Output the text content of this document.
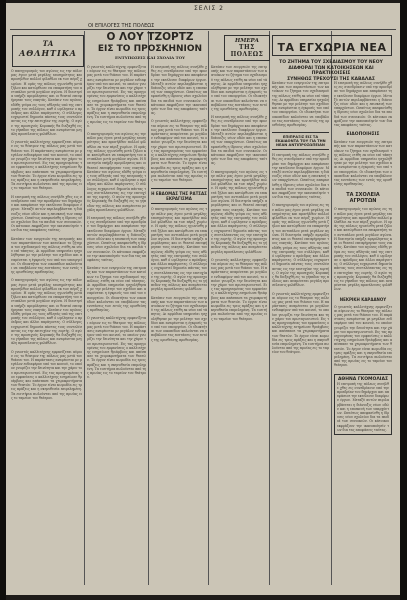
ΣΕΛΙΣ 2
ΟΙ ΕΠΙΛΟΓΕΣ ΤΗΣ ΠΟΛΕΩΣ
ΤΑ
ΑΘΛΗΤΙΚΑ
Ο ΛΟΥ ΤΖΟΡΤΖ
ΕΙΣ ΤΟ ΠΡΟΣΚΗΝΙΟΝ
ΕΝΤΥΠΩΣΕΙΣ ΚΑΙ ΣΧΟΛΙΑ ΤΟΥ
ΗΜΕΡΑ
ΤΗΣ ΠΟΛΕΩΣ
ΤΑ ΕΓΧΩΡΙΑ ΝΕΑ
ΤΟ ΖΗΤΗΜΑ ΤΟΥ ΣΧΕΔΙΑΣΜΟΥ ΤΟΥ ΝΕΟΥ
ΔΙΑΦΟΡΑΙ ΤΩΝ ΚΑΤΟΙΚΗΣΕΩΝ ΚΑΙ ΠΡΑΚΤΙΚΟΙΣΕΙΣ
ΣΥΝΗΘΩΣ ΤΡΕΧΟΥΣΙ ΤΗΣ ΚΑΒΑΛΑΣ
Ο πανηγυρισμός του αγώνος εις την πόλιν μας έγινε μετά μεγάλης επισημότητος και προσήλθον πολλοί φίλαθλοι εκ των πέριξ χωρίων. Η ομάς της πόλεως ηγωνίσθη μετά ζήλου και κατώρθωσε να επικρατήση του αντιπάλου μετά μεγάλον αγώνα. Η διαιτησία υπήρξε αμερόληπτος και οι θεαταί επευφήμησαν τους νικητάς. Κατόπιν του αγώνος εδόθη γεύμα εις τους αθλητάς υπό της επιτροπής του συλλόγου, καθ ό ωμίλησαν ο πρόεδρος και άλλοι παράγοντες. Ο σύλλογος ευχαριστεί δημοσία πάντας τους συντελέσαντας εις την επιτυχίαν της εορτής. Ο αγών της προσεχούς Κυριακής θα διεξαχθή εις το γήπεδον της πόλεως και αναμένεται μεγάλη προσέλευσις φιλάθλων.
Ο γνωστός καλλιτέχνης εμφανίζεται αύριον εις το θέατρον της πόλεως μας μετά του θιάσου του. Η παράστασις αναμένεται με μεγάλον ενδιαφέρον υπό του κοινού, το οποίον γνωρίζει την δεινότητα και την χάριν του πρωταγωνιστού. Εις τας προηγουμένας του εμφανίσεις ο καλλιτέχνης εσημείωσε θριάμβους και απέσπασε τα χειροκροτήματα των θεατών. Το έργον είναι κωμωδία εις τρεις πράξεις και η σκηνοθεσία επιμελημένη. Τα εισιτήρια πωλούνται από της πρωίας εις το ταμείον του θεάτρου.
Η επιτροπή της πόλεως συνήλθε χθες εις συνεδρίασιν υπό την προεδρίαν του δημάρχου και απεφάσισε την εκτέλεσιν διαφόρων έργων. Μεταξύ αυτών περιλαμβάνεται η διάνοιξις νέων οδών και η επισκευή των υπαρχόντων. Ωσαύτως απεφασίσθη η ίδρυσις νέου σχολείου δια τα παιδιά των συνοικιών. Οι κάτοικοι εκφράζουν την ικανοποίησίν των δια τας αποφάσεις ταύτας.
Κατόπιν των ενεργειών της επιτροπής και των παραστάσεων των κατοίκων το ζήτημα του σχεδιασμού της πόλεως ετέθη εκ νέου επί τάπητος. Αι αρμόδιαι υπηρεσίαι ησχολήθησαν με την μελέτην του σχεδίου και αναμένεται η έγκρισίς του υπό του υπουργείου. Οι ιδιοκτήται των οικοπέδων καλούνται να υποβάλουν τας ενστάσεις των εντός της ορισθείσης προθεσμίας.
Ο πανηγυρισμός του αγώνος εις την πόλιν μας έγινε μετά μεγάλης επισημότητος και προσήλθον πολλοί φίλαθλοι εκ των πέριξ χωρίων. Η ομάς της πόλεως ηγωνίσθη μετά ζήλου και κατώρθωσε να επικρατήση του αντιπάλου μετά μεγάλον αγώνα. Η διαιτησία υπήρξε αμερόληπτος και οι θεαταί επευφήμησαν τους νικητάς. Κατόπιν του αγώνος εδόθη γεύμα εις τους αθλητάς υπό της επιτροπής του συλλόγου, καθ ό ωμίλησαν ο πρόεδρος και άλλοι παράγοντες. Ο σύλλογος ευχαριστεί δημοσία πάντας τους συντελέσαντας εις την επιτυχίαν της εορτής. Ο αγών της προσεχούς Κυριακής θα διεξαχθή εις το γήπεδον της πόλεως και αναμένεται μεγάλη προσέλευσις φιλάθλων.
Ο γνωστός καλλιτέχνης εμφανίζεται αύριον εις το θέατρον της πόλεως μας μετά του θιάσου του. Η παράστασις αναμένεται με μεγάλον ενδιαφέρον υπό του κοινού, το οποίον γνωρίζει την δεινότητα και την χάριν του πρωταγωνιστού. Εις τας προηγουμένας του εμφανίσεις ο καλλιτέχνης εσημείωσε θριάμβους και απέσπασε τα χειροκροτήματα των θεατών. Το έργον είναι κωμωδία εις τρεις πράξεις και η σκηνοθεσία επιμελημένη. Τα εισιτήρια πωλούνται από της πρωίας εις το ταμείον του θεάτρου.
Ο γνωστός καλλιτέχνης εμφανίζεται αύριον εις το θέατρον της πόλεως μας μετά του θιάσου του. Η παράστασις αναμένεται με μεγάλον ενδιαφέρον υπό του κοινού, το οποίον γνωρίζει την δεινότητα και την χάριν του πρωταγωνιστού. Εις τας προηγουμένας του εμφανίσεις ο καλλιτέχνης εσημείωσε θριάμβους και απέσπασε τα χειροκροτήματα των θεατών. Το έργον είναι κωμωδία εις τρεις πράξεις και η σκηνοθεσία επιμελημένη. Τα εισιτήρια πωλούνται από της πρωίας εις το ταμείον του θεάτρου.
Ο πανηγυρισμός του αγώνος εις την πόλιν μας έγινε μετά μεγάλης επισημότητος και προσήλθον πολλοί φίλαθλοι εκ των πέριξ χωρίων. Η ομάς της πόλεως ηγωνίσθη μετά ζήλου και κατώρθωσε να επικρατήση του αντιπάλου μετά μεγάλον αγώνα. Η διαιτησία υπήρξε αμερόληπτος και οι θεαταί επευφήμησαν τους νικητάς. Κατόπιν του αγώνος εδόθη γεύμα εις τους αθλητάς υπό της επιτροπής του συλλόγου, καθ ό ωμίλησαν ο πρόεδρος και άλλοι παράγοντες. Ο σύλλογος ευχαριστεί δημοσία πάντας τους συντελέσαντας εις την επιτυχίαν της εορτής. Ο αγών της προσεχούς Κυριακής θα διεξαχθή εις το γήπεδον της πόλεως και αναμένεται μεγάλη προσέλευσις φιλάθλων.
Η επιτροπή της πόλεως συνήλθε χθες εις συνεδρίασιν υπό την προεδρίαν του δημάρχου και απεφάσισε την εκτέλεσιν διαφόρων έργων. Μεταξύ αυτών περιλαμβάνεται η διάνοιξις νέων οδών και η επισκευή των υπαρχόντων. Ωσαύτως απεφασίσθη η ίδρυσις νέου σχολείου δια τα παιδιά των συνοικιών. Οι κάτοικοι εκφράζουν την ικανοποίησίν των δια τας αποφάσεις ταύτας.
Κατόπιν των ενεργειών της επιτροπής και των παραστάσεων των κατοίκων το ζήτημα του σχεδιασμού της πόλεως ετέθη εκ νέου επί τάπητος. Αι αρμόδιαι υπηρεσίαι ησχολήθησαν με την μελέτην του σχεδίου και αναμένεται η έγκρισίς του υπό του υπουργείου. Οι ιδιοκτήται των οικοπέδων καλούνται να υποβάλουν τας ενστάσεις των εντός της ορισθείσης προθεσμίας.
Ο γνωστός καλλιτέχνης εμφανίζεται αύριον εις το θέατρον της πόλεως μας μετά του θιάσου του. Η παράστασις αναμένεται με μεγάλον ενδιαφέρον υπό του κοινού, το οποίον γνωρίζει την δεινότητα και την χάριν του πρωταγωνιστού. Εις τας προηγουμένας του εμφανίσεις ο καλλιτέχνης εσημείωσε θριάμβους και απέσπασε τα χειροκροτήματα των θεατών. Το έργον είναι κωμωδία εις τρεις πράξεις και η σκηνοθεσία επιμελημένη. Τα εισιτήρια πωλούνται από της πρωίας εις το ταμείον του θεάτρου.
Η επιτροπή της πόλεως συνήλθε χθες εις συνεδρίασιν υπό την προεδρίαν του δημάρχου και απεφάσισε την εκτέλεσιν διαφόρων έργων. Μεταξύ αυτών περιλαμβάνεται η διάνοιξις νέων οδών και η επισκευή των υπαρχόντων. Ωσαύτως απεφασίσθη η ίδρυσις νέου σχολείου δια τα παιδιά των συνοικιών. Οι κάτοικοι εκφράζουν την ικανοποίησίν των δια τας αποφάσεις ταύτας.
Ο γνωστός καλλιτέχνης εμφανίζεται αύριον εις το θέατρον της πόλεως μας μετά του θιάσου του. Η παράστασις αναμένεται με μεγάλον ενδιαφέρον υπό του κοινού, το οποίον γνωρίζει την δεινότητα και την χάριν του πρωταγωνιστού. Εις τας προηγουμένας του εμφανίσεις ο καλλιτέχνης εσημείωσε θριάμβους και απέσπασε τα χειροκροτήματα των θεατών. Το έργον είναι κωμωδία εις τρεις πράξεις και η σκηνοθεσία επιμελημένη. Τα εισιτήρια πωλούνται από της πρωίας εις το ταμείον του θεάτρου.
Η ΕΒΔΟΜΑΣ ΤΗΣ ΡΑΤΣΑΣ ΕΚΡΑΓΙΣΜΑ
Ο πανηγυρισμός του αγώνος εις την πόλιν μας έγινε μετά μεγάλης επισημότητος και προσήλθον πολλοί φίλαθλοι εκ των πέριξ χωρίων. Η ομάς της πόλεως ηγωνίσθη μετά ζήλου και κατώρθωσε να επικρατήση του αντιπάλου μετά μεγάλον αγώνα. Η διαιτησία υπήρξε αμερόληπτος και οι θεαταί επευφήμησαν τους νικητάς. Κατόπιν του αγώνος εδόθη γεύμα εις τους αθλητάς υπό της επιτροπής του συλλόγου, καθ ό ωμίλησαν ο πρόεδρος και άλλοι παράγοντες. Ο σύλλογος ευχαριστεί δημοσία πάντας τους συντελέσαντας εις την επιτυχίαν της εορτής. Ο αγών της προσεχούς Κυριακής θα διεξαχθή εις το γήπεδον της πόλεως και αναμένεται μεγάλη προσέλευσις φιλάθλων.
Κατόπιν των ενεργειών της επιτροπής και των παραστάσεων των κατοίκων το ζήτημα του σχεδιασμού της πόλεως ετέθη εκ νέου επί τάπητος. Αι αρμόδιαι υπηρεσίαι ησχολήθησαν με την μελέτην του σχεδίου και αναμένεται η έγκρισίς του υπό του υπουργείου. Οι ιδιοκτήται των οικοπέδων καλούνται να υποβάλουν τας ενστάσεις των εντός της ορισθείσης προθεσμίας.
Κατόπιν των ενεργειών της επιτροπής και των παραστάσεων των κατοίκων το ζήτημα του σχεδιασμού της πόλεως ετέθη εκ νέου επί τάπητος. Αι αρμόδιαι υπηρεσίαι ησχολήθησαν με την μελέτην του σχεδίου και αναμένεται η έγκρισίς του υπό του υπουργείου. Οι ιδιοκτήται των οικοπέδων καλούνται να υποβάλουν τας ενστάσεις των εντός της ορισθείσης προθεσμίας.
Η επιτροπή της πόλεως συνήλθε χθες εις συνεδρίασιν υπό την προεδρίαν του δημάρχου και απεφάσισε την εκτέλεσιν διαφόρων έργων. Μεταξύ αυτών περιλαμβάνεται η διάνοιξις νέων οδών και η επισκευή των υπαρχόντων. Ωσαύτως απεφασίσθη η ίδρυσις νέου σχολείου δια τα παιδιά των συνοικιών. Οι κάτοικοι εκφράζουν την ικανοποίησίν των δια τας αποφάσεις ταύτας.
Ο πανηγυρισμός του αγώνος εις την πόλιν μας έγινε μετά μεγάλης επισημότητος και προσήλθον πολλοί φίλαθλοι εκ των πέριξ χωρίων. Η ομάς της πόλεως ηγωνίσθη μετά ζήλου και κατώρθωσε να επικρατήση του αντιπάλου μετά μεγάλον αγώνα. Η διαιτησία υπήρξε αμερόληπτος και οι θεαταί επευφήμησαν τους νικητάς. Κατόπιν του αγώνος εδόθη γεύμα εις τους αθλητάς υπό της επιτροπής του συλλόγου, καθ ό ωμίλησαν ο πρόεδρος και άλλοι παράγοντες. Ο σύλλογος ευχαριστεί δημοσία πάντας τους συντελέσαντας εις την επιτυχίαν της εορτής. Ο αγών της προσεχούς Κυριακής θα διεξαχθή εις το γήπεδον της πόλεως και αναμένεται μεγάλη προσέλευσις φιλάθλων.
Ο γνωστός καλλιτέχνης εμφανίζεται αύριον εις το θέατρον της πόλεως μας μετά του θιάσου του. Η παράστασις αναμένεται με μεγάλον ενδιαφέρον υπό του κοινού, το οποίον γνωρίζει την δεινότητα και την χάριν του πρωταγωνιστού. Εις τας προηγουμένας του εμφανίσεις ο καλλιτέχνης εσημείωσε θριάμβους και απέσπασε τα χειροκροτήματα των θεατών. Το έργον είναι κωμωδία εις τρεις πράξεις και η σκηνοθεσία επιμελημένη. Τα εισιτήρια πωλούνται από της πρωίας εις το ταμείον του θεάτρου.
Κατόπιν των ενεργειών της επιτροπής και των παραστάσεων των κατοίκων το ζήτημα του σχεδιασμού της πόλεως ετέθη εκ νέου επί τάπητος. Αι αρμόδιαι υπηρεσίαι ησχολήθησαν με την μελέτην του σχεδίου και αναμένεται η έγκρισίς του υπό του υπουργείου. Οι ιδιοκτήται των οικοπέδων καλούνται να υποβάλουν τας ενστάσεις των εντός της ορισθείσης προθεσμίας.
ΕΠΙΠΡΑΞΙΣ ΕΙΣ ΤΑ ΕΚΔΙΔΟΝΤΑ ΤΟΥ ΓΙΑ ΤΗΝ ΝΕΑΝ ΑΝΤΙΠΡΟΣΩΠΕΙΑΝ
Η επιτροπή της πόλεως συνήλθε χθες εις συνεδρίασιν υπό την προεδρίαν του δημάρχου και απεφάσισε την εκτέλεσιν διαφόρων έργων. Μεταξύ αυτών περιλαμβάνεται η διάνοιξις νέων οδών και η επισκευή των υπαρχόντων. Ωσαύτως απεφασίσθη η ίδρυσις νέου σχολείου δια τα παιδιά των συνοικιών. Οι κάτοικοι εκφράζουν την ικανοποίησίν των δια τας αποφάσεις ταύτας.
Ο πανηγυρισμός του αγώνος εις την πόλιν μας έγινε μετά μεγάλης επισημότητος και προσήλθον πολλοί φίλαθλοι εκ των πέριξ χωρίων. Η ομάς της πόλεως ηγωνίσθη μετά ζήλου και κατώρθωσε να επικρατήση του αντιπάλου μετά μεγάλον αγώνα. Η διαιτησία υπήρξε αμερόληπτος και οι θεαταί επευφήμησαν τους νικητάς. Κατόπιν του αγώνος εδόθη γεύμα εις τους αθλητάς υπό της επιτροπής του συλλόγου, καθ ό ωμίλησαν ο πρόεδρος και άλλοι παράγοντες. Ο σύλλογος ευχαριστεί δημοσία πάντας τους συντελέσαντας εις την επιτυχίαν της εορτής. Ο αγών της προσεχούς Κυριακής θα διεξαχθή εις το γήπεδον της πόλεως και αναμένεται μεγάλη προσέλευσις φιλάθλων.
Ο γνωστός καλλιτέχνης εμφανίζεται αύριον εις το θέατρον της πόλεως μας μετά του θιάσου του. Η παράστασις αναμένεται με μεγάλον ενδιαφέρον υπό του κοινού, το οποίον γνωρίζει την δεινότητα και την χάριν του πρωταγωνιστού. Εις τας προηγουμένας του εμφανίσεις ο καλλιτέχνης εσημείωσε θριάμβους και απέσπασε τα χειροκροτήματα των θεατών. Το έργον είναι κωμωδία εις τρεις πράξεις και η σκηνοθεσία επιμελημένη. Τα εισιτήρια πωλούνται από της πρωίας εις το ταμείον του θεάτρου.
Η επιτροπή της πόλεως συνήλθε χθες εις συνεδρίασιν υπό την προεδρίαν του δημάρχου και απεφάσισε την εκτέλεσιν διαφόρων έργων. Μεταξύ αυτών περιλαμβάνεται η διάνοιξις νέων οδών και η επισκευή των υπαρχόντων. Ωσαύτως απεφασίσθη η ίδρυσις νέου σχολείου δια τα παιδιά των συνοικιών. Οι κάτοικοι εκφράζουν την ικανοποίησίν των δια τας αποφάσεις ταύτας.
ΕΙΔΟΠΟΙΗΣΙΣ
Κατόπιν των ενεργειών της επιτροπής και των παραστάσεων των κατοίκων το ζήτημα του σχεδιασμού της πόλεως ετέθη εκ νέου επί τάπητος. Αι αρμόδιαι υπηρεσίαι ησχολήθησαν με την μελέτην του σχεδίου και αναμένεται η έγκρισίς του υπό του υπουργείου. Οι ιδιοκτήται των οικοπέδων καλούνται να υποβάλουν τας ενστάσεις των εντός της ορισθείσης προθεσμίας.
ΤΑ ΣΧΟΛΕΙΑ ΑΓΡΟΤΩΝ
Ο πανηγυρισμός του αγώνος εις την πόλιν μας έγινε μετά μεγάλης επισημότητος και προσήλθον πολλοί φίλαθλοι εκ των πέριξ χωρίων. Η ομάς της πόλεως ηγωνίσθη μετά ζήλου και κατώρθωσε να επικρατήση του αντιπάλου μετά μεγάλον αγώνα. Η διαιτησία υπήρξε αμερόληπτος και οι θεαταί επευφήμησαν τους νικητάς. Κατόπιν του αγώνος εδόθη γεύμα εις τους αθλητάς υπό της επιτροπής του συλλόγου, καθ ό ωμίλησαν ο πρόεδρος και άλλοι παράγοντες. Ο σύλλογος ευχαριστεί δημοσία πάντας τους συντελέσαντας εις την επιτυχίαν της εορτής. Ο αγών της προσεχούς Κυριακής θα διεξαχθή εις το γήπεδον της πόλεως και αναμένεται μεγάλη προσέλευσις φιλάθλων.
ΝΕΚΡΙΚΗ ΚΑΡΔΑΝΟΥ
Ο γνωστός καλλιτέχνης εμφανίζεται αύριον εις το θέατρον της πόλεως μας μετά του θιάσου του. Η παράστασις αναμένεται με μεγάλον ενδιαφέρον υπό του κοινού, το οποίον γνωρίζει την δεινότητα και την χάριν του πρωταγωνιστού. Εις τας προηγουμένας του εμφανίσεις ο καλλιτέχνης εσημείωσε θριάμβους και απέσπασε τα χειροκροτήματα των θεατών. Το έργον είναι κωμωδία εις τρεις πράξεις και η σκηνοθεσία επιμελημένη. Τα εισιτήρια πωλούνται από της πρωίας εις το ταμείον του θεάτρου.
ΑΘΗΝΑ ΓΚΟΜΟΛΙΑΣ
Η επιτροπή της πόλεως συνήλθε χθες εις συνεδρίασιν υπό την προεδρίαν του δημάρχου και απεφάσισε την εκτέλεσιν διαφόρων έργων. Μεταξύ αυτών περιλαμβάνεται η διάνοιξις νέων οδών και η επισκευή των υπαρχόντων. Ωσαύτως απεφασίσθη η ίδρυσις νέου σχολείου δια τα παιδιά των συνοικιών. Οι κάτοικοι εκφράζουν την ικανοποίησίν των δια τας αποφάσεις ταύτας.
